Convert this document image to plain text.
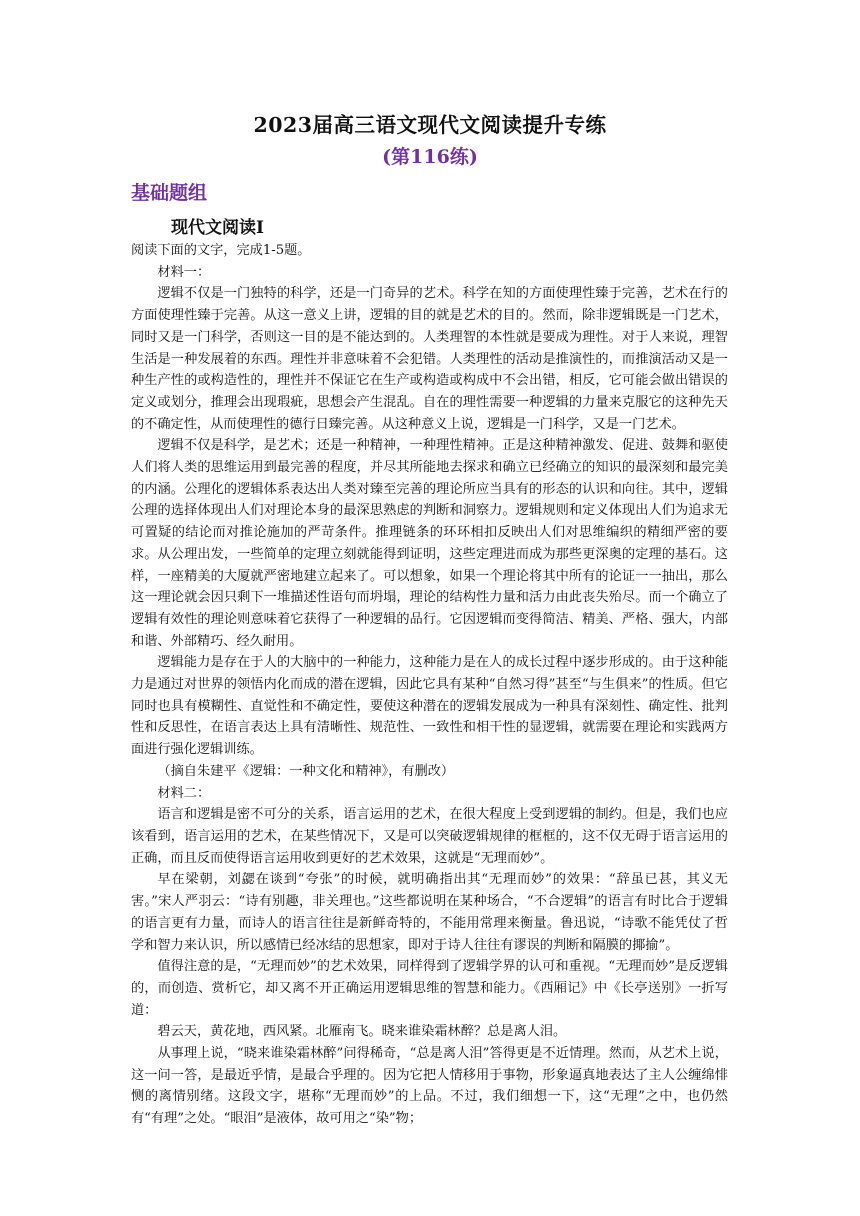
2023届高三语文现代文阅读提升专练
(第116练)
基础题组
现代文阅读Ⅰ

阅读下面的文字，完成1-5题。

材料一：

逻辑不仅是一门独特的科学，还是一门奇异的艺术。科学在知的方面使理性臻于完善，艺术在行的方面使理性臻于完善。从这一意义上讲，逻辑的目的就是艺术的目的。然而，除非逻辑既是一门艺术，同时又是一门科学，否则这一目的是不能达到的。人类理智的本性就是要成为理性。对于人来说，理智生活是一种发展着的东西。理性并非意味着不会犯错。人类理性的活动是推演性的，而推演活动又是一种生产性的或构造性的，理性并不保证它在生产或构造或构成中不会出错，相反，它可能会做出错误的定义或划分，推理会出现瑕疵，思想会产生混乱。自在的理性需要一种逻辑的力量来克服它的这种先天的不确定性，从而使理性的德行日臻完善。从这种意义上说，逻辑是一门科学，又是一门艺术。

逻辑不仅是科学，是艺术；还是一种精神，一种理性精神。正是这种精神激发、促进、鼓舞和驱使人们将人类的思维运用到最完善的程度，并尽其所能地去探求和确立已经确立的知识的最深刻和最完美的内涵。公理化的逻辑体系表达出人类对臻至完善的理论所应当具有的形态的认识和向往。其中，逻辑公理的选择体现出人们对理论本身的最深思熟虑的判断和洞察力。逻辑规则和定义体现出人们为追求无可置疑的结论而对推论施加的严苛条件。推理链条的环环相扣反映出人们对思维编织的精细严密的要求。从公理出发，一些简单的定理立刻就能得到证明，这些定理进而成为那些更深奥的定理的基石。这样，一座精美的大厦就严密地建立起来了。可以想象，如果一个理论将其中所有的论证一一抽出，那么这一理论就会因只剩下一堆描述性语句而坍塌，理论的结构性力量和活力由此丧失殆尽。而一个确立了逻辑有效性的理论则意味着它获得了一种逻辑的品行。它因逻辑而变得简洁、精美、严格、强大，内部和谐、外部精巧、经久耐用。

逻辑能力是存在于人的大脑中的一种能力，这种能力是在人的成长过程中逐步形成的。由于这种能力是通过对世界的领悟内化而成的潜在逻辑，因此它具有某种“自然习得”甚至“与生俱来”的性质。但它同时也具有模糊性、直觉性和不确定性，要使这种潜在的逻辑发展成为一种具有深刻性、确定性、批判性和反思性，在语言表达上具有清晰性、规范性、一致性和相干性的显逻辑，就需要在理论和实践两方面进行强化逻辑训练。

（摘自朱建平《逻辑：一种文化和精神》，有删改）

材料二：

语言和逻辑是密不可分的关系，语言运用的艺术，在很大程度上受到逻辑的制约。但是，我们也应该看到，语言运用的艺术，在某些情况下，又是可以突破逻辑规律的框框的，这不仅无碍于语言运用的正确，而且反而使得语言运用收到更好的艺术效果，这就是“无理而妙”。

早在梁朝，刘勰在谈到“夸张”的时候，就明确指出其“无理而妙”的效果：“辞虽已甚，其义无害。”宋人严羽云：“诗有别趣，非关理也。”这些都说明在某种场合，“不合逻辑”的语言有时比合于逻辑的语言更有力量，而诗人的语言往往是新鲜奇特的，不能用常理来衡量。鲁迅说，“诗歌不能凭仗了哲学和智力来认识，所以感情已经冰结的思想家，即对于诗人往往有谬误的判断和隔膜的揶揄”。

值得注意的是，“无理而妙”的艺术效果，同样得到了逻辑学界的认可和重视。“无理而妙”是反逻辑的，而创造、赏析它，却又离不开正确运用逻辑思维的智慧和能力。《西厢记》中《长亭送别》一折写道：

碧云天，黄花地，西风紧。北雁南飞。晓来谁染霜林醉？总是离人泪。

从事理上说，“晓来谁染霜林醉”问得稀奇，“总是离人泪”答得更是不近情理。然而，从艺术上说，这一问一答，是最近乎情，是最合乎理的。因为它把人情移用于事物，形象逼真地表达了主人公缠绵悱恻的离情别绪。这段文字，堪称“无理而妙”的上品。不过，我们细想一下，这“无理”之中，也仍然有“有理”之处。“眼泪”是液体，故可用之“染”物；
